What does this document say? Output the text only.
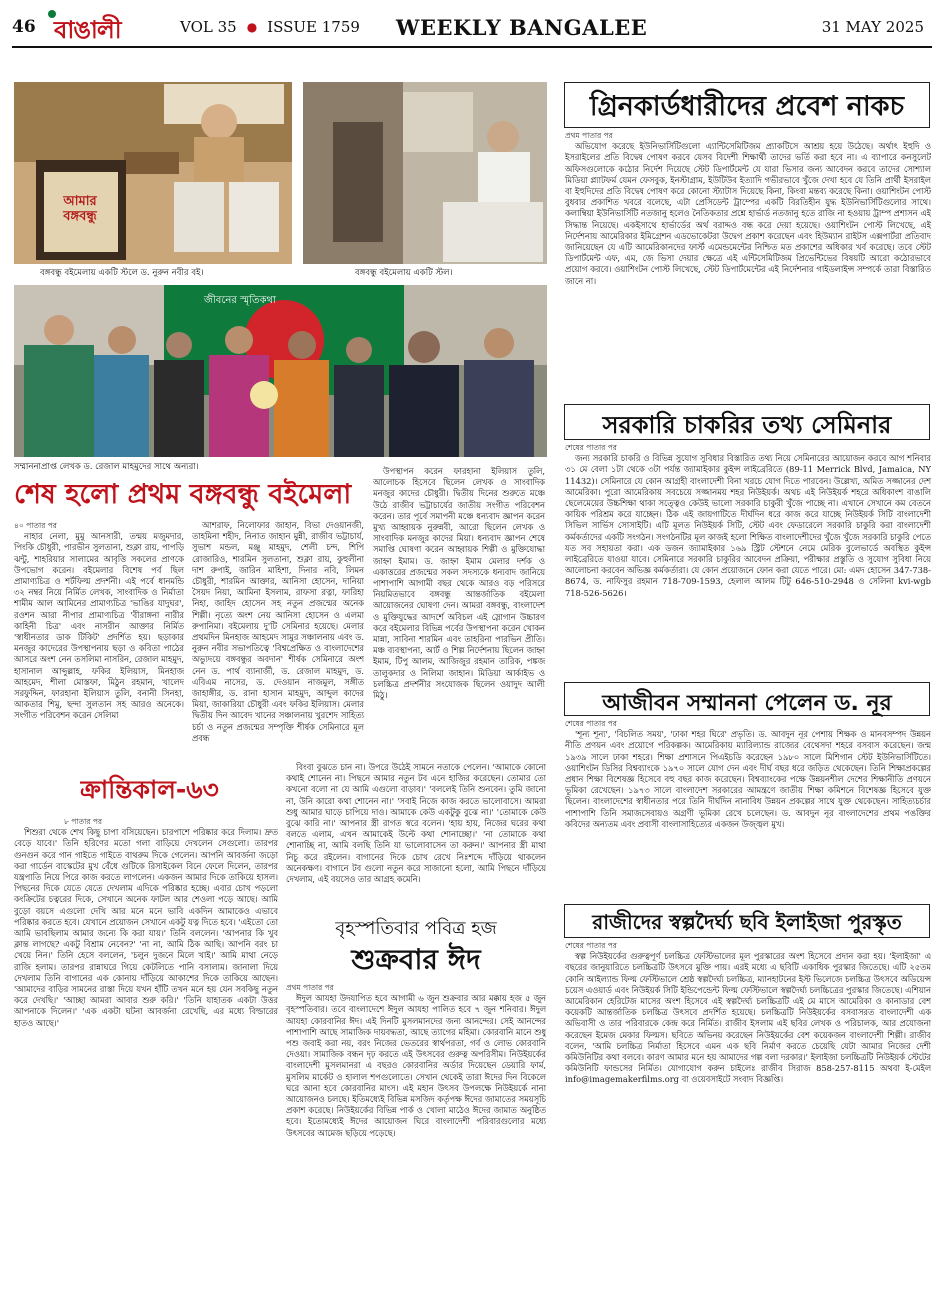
46 বাঙালী	VOL 35 ● ISSUE 1759 WEEKLY BANGALEE	31 MAY 2025
আমার বঙ্গবন্ধু
বঙ্গবন্ধু বইমেলায় একটি স্টলে ড. নুরুন নবীর বই।	বঙ্গবন্ধু বইমেলায় একটি স্টল।
জীবনের স্মৃতিকথা
সম্মাননাপ্রাপ্ত লেখক ড. রেজাল মাহমুদের সাথে অন্যরা।
শেষ হলো প্রথম বঙ্গবন্ধু বইমেলা
৪০ পাতার পর

নাহার নেলা, মুমু আনসারী, তন্ময় মজুমদার, পিংকি চৌধুরী, পারভীন সুলতানা, শুক্লা রায়, পাপড়ি ঝন্টু, শাহরিয়ার সালামের আবৃত্তি সকলের প্রাণকে উপভোগ করেন। বইমেলার বিশেষ পর্ব ছিল প্রামাণ্যচিত্র ও শর্টফিল্ম প্রদর্শনী। এই পর্বে ধানমন্ডি ৩২ নম্বর নিয়ে নির্মিত লেখক, সাংবাদিক ও নির্মাতা শামীম আল আমিনের প্রামাণ্যচিত্র 'ভাঙির যাদুঘর', রওশন আরা নীপার প্রামাণ্যচিত্র 'বীরাঙ্গনা নারীর কাহিনী চিত্র' এবং নাসরীন আক্তার নির্মিত 'স্বাধীনতার ডাক টিকিট' প্রদর্শিত হয়। ছড়াকার মনজুর কাদেরের উপস্থাপনায় ছড়া ও কবিতা পাঠের আসরে অংশ নেন তসলিমা নাসরিন, রেজাল মাহমুদ, হাসানাল আব্দুল্লাহ, ফকির ইলিয়াস, মিনহাজ আহমেদ, শীলা মোস্তফা, মিঠুন রহমান, খালেদ সরফুদ্দিন, ফারহানা ইলিয়াস তুলি, বনানী সিনহা, আকতার শিমু, ছন্দা সুলতান সহ আরও অনেকে। সংগীত পরিবেশন করেন সেলিমা

আশরাফ, নিলোফার জাহান, বিভা দেওয়ানজী, তাহমিনা শহীদ, নিনাত জাহান মুন্নী, রাজীব ভট্টাচার্য, সুভাশ মন্ডল, মঞ্জু মাহমুদ, শেলী চন্দ, শিপি রোজারিও, শারমিন সুলতানা, শুক্লা রায়, কুহুলীনা দাশ রুপাই, জারিন মাহিশা, দিনার নবি, লিমন চৌধুরী, শারমিন আক্তার, আনিসা হোসেন, দানিয়া সৈয়দ নিয়া, আমিনা ইসলাম, রাফসা রত্না, ফারিহা নিহা, জাহিদ হোসেন সহ নতুন প্রজন্মের অনেক শিল্পী। নৃত্যে অংশ নেয় আনিসা হোসেন ও এলমা রুপানিমা। বইমেলায় দু'টি সেমিনার হয়েছে। মেলার প্রথমদিন মিনহাজ আহমেদ সামুর সঞ্চালনায় এবং ড. নুরুন নবীর সভাপতিত্বে 'বিশ্বপ্রেক্ষিত ও বাংলাদেশের অভ্যুদয়ে বঙ্গবন্ধুর অবদান' শীর্ষক সেমিনারে অংশ নেন ড. পার্থ ব্যানার্জী, ড. রেজাল মাহমুদ, ড. এবিএম নাসের, ড. দেওয়ান নাজমুল, সঙ্গীত জাহাঙ্গীর, ড. রানা হাসান মাহমুদ, আব্দুল কাদের মিয়া, জাকারিয়া চৌধুরী এবং ফকির ইলিয়াস। মেলার দ্বিতীয় দিন আবেদ খানের সঞ্চালনায় খুরশেদ সাহিত্য চর্চা ও নতুন প্রজন্মের সম্পৃক্তি শীর্ষক সেমিনারে মূল প্রবন্ধ

উপস্থাপন করেন ফারহানা ইলিয়াস তুলি, আলোচক হিসেবে ছিলেন লেখক ও সাংবাদিক মনজুর কাদের চৌধুরী। দ্বিতীয় দিনের শুরুতে মঞ্চে উঠে রাজীব ভট্টাচার্যের জাতীয় সংগীত পরিবেশন করেন। তার পূর্বে সমাপনী মঞ্চে ধন্যবাদ জ্ঞাপন করেন মুখ্য আহ্বায়ক নুরুন্নবী, আরো ছিলেন লেখক ও সাংবাদিক মনজুর কাদের মিয়া। ধন্যবাদ জ্ঞাপন শেষে সমাপ্তি ঘোষণা করেন আহ্বায়ক শিল্পী ও মুক্তিযোদ্ধা জাহ্না ইমাম। ড. জাহ্না ইমাম মেলার দর্শক ও একাত্তরের প্রজন্মের সকল সদস্যকে ধন্যবাদ জানিয়ে পাশাপাশি আগামী বছর থেকে আরও বড় পরিসরে নিয়মিতভাবে বঙ্গবন্ধু আন্তর্জাতিক বইমেলা আয়োজনের ঘোষণা দেন। আমরা বঙ্গবন্ধু, বাংলাদেশ ও মুক্তিযুদ্ধের আদর্শে অবিচল এই স্লোগান উচ্চারণ করে বইমেলার বিভিন্ন পর্বের উপস্থাপনা করেন খোকন মান্না, সাবিনা শারমিন এবং তাহরিনা পারভিন প্রীতি। মঞ্চ ব্যবস্থাপনা, আর্ট ও শিল্প নির্দেশনায় ছিলেন জাহ্না ইমাম, টিপু আলম, আজিজুর রহমান তারিক, পঙ্কজ তালুকদার ও নিলিমা জাহান। মিডিয়া আর্কাইভ ও চলচ্চিত্র প্রদর্শনীর সংযোজক ছিলেন ওয়াদুদ আলী মিঠু।

ক্রান্তিকাল-৬৩
৮ পাতার পর

শিশুরা থেকে শেখ কিছু চাপা বসিয়েছেন। চারপাশে পরিষ্কার করে দিলাম। দ্রুত বেড়ে যাবে।' তিনি হরিণের মতো গলা বাড়িয়ে দেখলেন সেগুলো। তারপর গুনগুন করে গান গাইতে গাইতে বাথরুম দিকে গেলেন। আপনি আবর্জনা জড়ো করা গার্ডেন বাস্কেটের মুখ বেঁধে গুটিকে রিসাইকেল বিনে ফেলে দিলেন, তারপর যন্ত্রপাতি নিয়ে পিরে কাজ করতে লাগলেন। একজন আমার দিকে তাকিয়ে হাসল। পিছনের দিকে যেতে যেতে দেখলাম এদিকে পরিষ্কার হচ্ছে। এবার চোখ পড়লো কংক্রিটের চত্বরের দিকে, সেখানে অনেক ফাটল আর শেওলা পড়ে আছে। আমি বুড়ো বয়সে এগুলো দেখি আর মনে মনে ভাবি একদিন আমাকেও এভাবে পরিষ্কার করতে হবে। যেখানে প্রয়োজন সেখানে একটু যত্ন দিতে হবে। 'এইতো তো আমি ভাবছিলাম আমার জন্যে কি করা যায়।' তিনি বললেন। 'আপনার কি খুব ক্লান্ত লাগছে? একটু বিশ্রাম নেবেন?' 'না না, আমি ঠিক আছি। আপনি বরং চা খেয়ে নিন।' তিনি হেসে বললেন, 'চলুন দুজনে মিলে খাই।' আমি মাথা নেড়ে রাজি হলাম। তারপর রান্নাঘরে গিয়ে কেটলিতে পানি বসালাম। জানালা দিয়ে দেখলাম তিনি বাগানের এক কোনায় দাঁড়িয়ে আকাশের দিকে তাকিয়ে আছেন। 'আমাদের বাড়ির সামনের রাস্তা দিয়ে যখন হাঁটি তখন মনে হয় যেন সবকিছু নতুন করে দেখছি।' 'আচ্ছা আমরা আবার শুরু করি।' 'তিনি যাহাতক একটা উত্তর আপনাকে দিলেন।' 'এক একটা ঘটনা আবর্জনা রেখেছি, এর মধ্যে বিল্ডারের হাতও আছে।'

বিংবা বুঝতে চান না। উপরে উঠেই সামনে নতাকে পেলেন। 'আমাকে কোনো কথাই শোনেন না। পিছনে আমার নতুন টব এনে হাজির করেছেন। তোমার তো কখনো বলো না যে আমি এগুলো বাড়াব।' 'বললেই তিনি শুনবেন। তুমি জানো না, উনি কারো কথা শোনেন না।' 'সবাই নিজে কাজ করতে ভালোবাসে। আমরা শুধু আমার ঘাড়ে চাপিয়ে দাও। আমাকে কেউ একটুকু বুঝে না।' 'তোমাকে কেউ বুঝে কারি না।' আপনার স্ত্রী রাগত স্বরে বলেন। 'হায় হায়, নিজের ঘরের কথা বলতে এলাম, এখন আমাকেই উল্টে কথা শোনাচ্ছো।' 'না তোমাকে কথা শোনাচ্ছি না, আমি বলছি তিনি যা ভালোবাসেন তা করুন।' আপনার স্ত্রী মাথা নিচু করে রইলেন। বাগানের দিকে চোখ রেখে নিঃশব্দে দাঁড়িয়ে থাকলেন অনেকক্ষণ। বাগানে টব গুলো নতুন করে সাজানো হলো, আমি পিছনে দাঁড়িয়ে দেখলাম, এই বয়সেও তার আগ্রহ কমেনি।

বৃহস্পতিবার পবিত্র হজ
শুক্রবার ঈদ
প্রথম পাতার পর

ঈদুল আযহা উদযাপিত হবে আগামী ৬ জুন শুক্রবার আর মক্কায় হজ ৫ জুন বৃহস্পতিবার। তবে বাংলাদেশে ঈদুল আযহা পালিত হবে ৭ জুন শনিবার। ঈদুল আযহা কোরবানির ঈদ। এই দিনটি মুসলমানদের জন্য আনন্দের। সেই আনন্দের পাশাপাশি আছে সামাজিক দায়বদ্ধতা, আছে ত্যাগের মহিমা। কোরবানি মানে শুধু পশু জবাই করা নয়, বরং নিজের ভেতরের স্বার্থপরতা, গর্ব ও লোভ কোরবানি দেওয়া। সামাজিক বন্ধন দৃঢ় করতে এই উৎসবের গুরুত্ব অপরিসীম। নিউইয়র্কের বাংলাদেশী মুসলমানরা এ বছরও কোরবানির অর্ডার দিয়েছেন ডেয়ারি ফার্ম, মুসলিম মার্কেট ও হালাল শপগুলোতে। সেখান থেকেই তারা ঈদের দিন বিকেলে ঘরে আনা হবে কোরবানির মাংস। এই মহান উৎসব উপলক্ষে নিউইয়র্কে নানা আয়োজনও চলছে। ইতিমধ্যেই বিভিন্ন মসজিদ কর্তৃপক্ষ ঈদের জামাতের সময়সূচি প্রকাশ করেছে। নিউইয়র্কের বিভিন্ন পার্ক ও খোলা মাঠেও ঈদের জামাত অনুষ্ঠিত হবে। ইতোমধ্যেই ঈদের আয়োজন ঘিরে বাংলাদেশী পরিবারগুলোর মধ্যে উৎসবের আমেজ ছড়িয়ে পড়েছে।

গ্রিনকার্ডধারীদের প্রবেশ নাকচ
প্রথম পাতার পর

অভিযোগ করেছে ইউনিভার্সিটিগুলো এ্যান্টিসেমিটিজম প্র্যাকটিসে আশ্রয় হয়ে উঠেছে। অর্থাৎ ইহুদি ও ইসরাইলের প্রতি বিদ্বেষ পোষণ করবে যেসব বিদেশী শিক্ষার্থী তাদের ভর্তি করা হবে না। এ ব্যাপারে কনসুলেট অফিসগুলোকে কঠোর নির্দেশ দিয়েছে স্টেট ডিপার্টমেন্ট যে যারা ভিসার জন্য আবেদন করবে তাদের সোশ্যাল মিডিয়া প্ল্যাটফর্ম যেমন ফেসবুক, ইনস্টাগ্রাম, ইউটিউব ইত্যাদি গভীরভাবে খুঁজে দেখা হবে যে তিনি প্রার্থী ইসরাইল বা ইহুদিদের প্রতি বিদ্বেষ পোষণ করে কোনো স্ট্যাটাস দিয়েছে কিনা, কিংবা মন্তব্য করেছে কিনা। ওয়াশিংটন পোস্ট বুধবার প্রকাশিত খবরে বলেছে, এটা প্রেসিডেন্ট ট্রাম্পের একটি বিরতিহীন যুদ্ধ ইউনিভার্সিটিগুলোর সাথে। কলাম্বিয়া ইউনিভার্সিটি নতজানু হলেও নৈতিকতার প্রশ্নে হার্ভার্ড নতজানু হতে রাজি না হওয়ায় ট্রাম্প প্রশাসন এই সিদ্ধান্ত নিয়েছে। একইসাথে হার্ভার্ডের অর্থ বরাদ্দও বন্ধ করে দেয়া হয়েছে। ওয়াশিংটন পোস্ট লিখেছে, এই নির্দেশনায় আমেরিকার ইমিগ্রেশন এডভোকেটরা উদ্বেগ প্রকাশ করেছেন এবং হিউম্যান রাইটস এক্সপার্টরা প্রতিবাদ জানিয়েছেন যে এটি আমেরিকানদের ফার্স্ট এমেন্ডমেন্টের নিশ্চিত মত প্রকাশের অধিকার খর্ব করেছে। তবে স্টেট ডিপার্টমেন্ট এফ, এম, জে ভিসা দেয়ার ক্ষেত্রে এই এন্টিসেমিটিজম প্রিভেন্টিভের বিষয়টি আরো কঠোরভাবে প্রয়োগ করবে। ওয়াশিংটন পোস্ট লিখেছে, স্টেট ডিপার্টমেন্টের এই নির্দেশনার গাইডলাইন্স সম্পর্কে তারা বিস্তারিত জানে না।

সরকারি চাকরির তথ্য সেমিনার
শেষের পাতার পর

জন্য সরকারি চাকরি ও বিভিন্ন সুযোগ সুবিধার বিস্তারিত তথ্য নিয়ে সেমিনারের আয়োজন করবে আগ শনিবার ৩১ মে বেলা ১টা থেকে ৩টা পর্যন্ত জ্যামাইকার কুইন্স লাইব্রেরিতে (89-11 Merrick Blvd, Jamaica, NY 11432)। সেমিনারে যে কোন আগ্রহী বাংলাদেশী বিনা খরচে যোগ দিতে পারবেন। উল্লেখ্য, অমিত সজ্জানের দেশ আমেরিকা। পুরো আমেরিকায় সবচেয়ে সজ্জানময় শহর নিউইয়র্ক। অথচ এই নিউইয়র্ক শহরে অধিকাংশ বাঙালি ছেলেমেয়ের উচ্চশিক্ষা থাকা সত্ত্বেও কেউই ভালো সরকারি চাকুরী খুঁজে পাচ্ছে না। এখানে সেখানে কম বেতনে কায়িক পরিশ্রম করে যাচ্ছেন। ঠিক এই জায়গাটিতে দীর্ঘদিন ধরে কাজ করে যাচ্ছে নিউইয়র্ক সিটি বাংলাদেশী সিভিল সার্ভিস সোসাইটি। এটি মূলত নিউইয়র্ক সিটি, স্টেট এবং ফেডারেলে সরকারি চাকুরি করা বাংলাদেশী কর্মকর্তাদের একটি সংগঠন। সংগঠনটির মূল কাজই হলো শিক্ষিত বাংলাদেশীদের খুঁজে খুঁজে সরকারি চাকুরি পেতে যত সব সহায়তা করা। এক ডজন জ্যামাইকার ১৬৯ স্ট্রিট স্টেশনে নেমে মেরিক বুলেভার্ডে অবস্থিত কুইন্স লাইব্রেরিতে যাওয়া যাবে। সেমিনারে সরকারি চাকুরির আবেদন প্রক্রিয়া, পরীক্ষার প্রস্তুতি ও সুযোগ সুবিধা নিয়ে আলোচনা করবেন অভিজ্ঞ কর্মকর্তারা। যে কোন প্রয়োজনে ফোন করা যেতে পারে। মো: এমদ হোসেন 347-738-8674, ড. নাফিসুর রহমান 718-709-1593, হেলাল আলম টিটু 646-510-2948 ও সেলিনা kvi-wgb 718-526-5626।

আজীবন সম্মাননা পেলেন ড. নূর
শেষের পাতার পর

'শূন্য শূন্য', 'বিচলিত সময়', 'ঢাকা শহর ঘিরে' প্রভৃতি। ড. আবদুন নূর পেশায় শিক্ষক ও মানবসম্পদ উন্নয়ন নীতি প্রণয়ন এবং প্রয়োগে পরিকল্পক। আমেরিকায় ম্যারিল্যান্ড রাজ্যের বেথেসদা শহরে বসবাস করেছেন। জন্ম ১৯৩৯ সালে ঢাকা শহরে। শিক্ষা প্রশাসনে পিএইচডি করেছেন ১৯৮০ সালে মিশিগান স্টেট ইউনিভার্সিটিতে। ওয়াশিংটন ডিসির বিশ্বব্যাংকে ১৯৭০ সালে যোগ দেন এবং দীর্ঘ বছর ধরে জড়িত থেকেছেন। তিনি শিক্ষাপ্রকল্পের প্রধান শিক্ষা বিশেষজ্ঞ হিসেবে বহু বছর কাজ করেছেন। বিশ্বব্যাংকের পক্ষে উন্নয়নশীল দেশের শিক্ষানীতি প্রণয়নে ভূমিকা রেখেছেন। ১৯৭৩ সালে বাংলাদেশ সরকারের আমন্ত্রণে জাতীয় শিক্ষা কমিশনে বিশেষজ্ঞ হিসেবে যুক্ত ছিলেন। বাংলাদেশের স্বাধীনতার পরে তিনি দীর্ঘদিন নানাবিধ উন্নয়ন প্রকল্পের সাথে যুক্ত থেকেছেন। সাহিত্যচর্চার পাশাপাশি তিনি সমাজসেবায়ও অগ্রণী ভূমিকা রেখে চলেছেন। ড. আবদুন নূর বাংলাদেশের প্রথম পঙক্তির কবিদের অন্যতম এবং প্রবাসী বাংলাসাহিত্যের একজন উজ্জ্বল মুখ।

রাজীদের স্বল্পদৈর্ঘ্য ছবি ইলাইজা পুরস্কৃত
শেষের পাতার পর

স্বল্প নিউইয়র্কের গুরুত্বপূর্ণ চলচ্চিত্র ফেস্টিভালের মূল পুরস্কারের অংশ হিসেবে প্রদান করা হয়। 'ইলাইজা' এ বছরের জানুয়ারিতে চলচ্চিত্রটি উৎসবে মুক্তি পায়। এরই মধ্যে এ ছবিটি একাধিক পুরস্কার জিতেছে। এটি ২৫তম কোনি আইল্যান্ড ফিল্ম ফেস্টিভালে শ্রেষ্ঠ স্বল্পদৈর্ঘ্য চলচ্চিত্র, ম্যানহাটনের ইস্ট ভিলেজে চলচ্চিত্র উৎসবে অডিয়েন্স চয়েস এওয়ার্ড এবং নিউইয়র্ক সিটি ইন্ডিপেন্ডেন্ট ফিল্ম ফেস্টিভালে স্বল্পদৈর্ঘ্য চলচ্চিত্রের পুরস্কার জিতেছে। এশিয়ান আমেরিকান হেরিটেজ মাসের অংশ হিসেবে এই স্বল্পদৈর্ঘ্য চলচ্চিত্রটি এই মে মাসে আমেরিকা ও কানাডার বেশ কয়েকটি আন্তর্জাতিক চলচ্চিত্র উৎসবে প্রদর্শিত হয়েছে। চলচ্চিত্রটি নিউইয়র্কের বসবাসরত বাংলাদেশী এক অভিবাসী ও তার পরিবারকে কেন্দ্র করে নির্মিত। রাজীব ইসলাম এই ছবির লেখক ও পরিচালক, আর প্রযোজনা করেছেন ইমেজ মেকার ফিল্মস। ছবিতে অভিনয় করেছেন নিউইয়র্কের বেশ কয়েকজন বাংলাদেশী শিল্পী। রাজীব বলেন, 'আমি চলচ্চিত্র নির্মাতা হিসেবে এমন এক ছবি নির্মাণ করতে চেয়েছি যেটা আমার নিজের দেশী কমিউনিটির কথা বলবে। কারণ আমার মনে হয় আমাদের গল্প বলা দরকার।' ইলাইজা চলচ্চিত্রটি নিউইয়র্ক স্টেটের কমিউনিটি ফান্ডসের নির্মিত। যোগাযোগ করুন চাইলেঃ রাজীব সিরাজ 858-257-8115 অথবা ই-মেইল info@imagemakerfilms.org বা ওয়েবসাইটে সংবাদ বিজ্ঞপ্তি।
